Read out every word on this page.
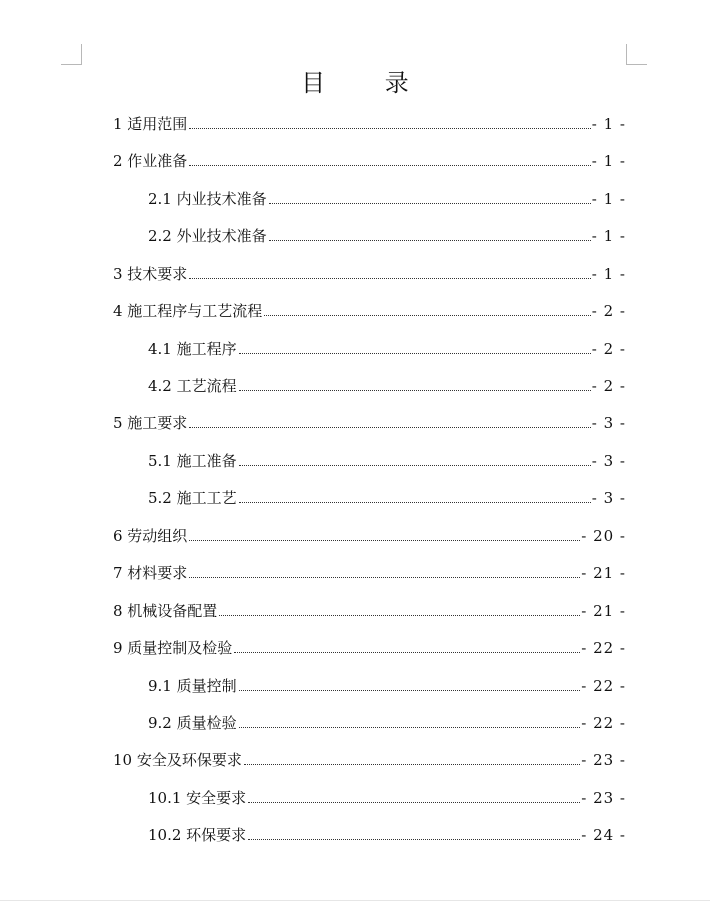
目 录
1 适用范围	- 1 -
2 作业准备	- 1 -
2.1 内业技术准备	- 1 -
2.2 外业技术准备	- 1 -
3 技术要求	- 1 -
4 施工程序与工艺流程	- 2 -
4.1 施工程序	- 2 -
4.2 工艺流程	- 2 -
5 施工要求	- 3 -
5.1 施工准备	- 3 -
5.2 施工工艺	- 3 -
6 劳动组织	- 20 -
7 材料要求	- 21 -
8 机械设备配置	- 21 -
9 质量控制及检验	- 22 -
9.1 质量控制	- 22 -
9.2 质量检验	- 22 -
10 安全及环保要求	- 23 -
10.1 安全要求	- 23 -
10.2 环保要求	- 24 -
